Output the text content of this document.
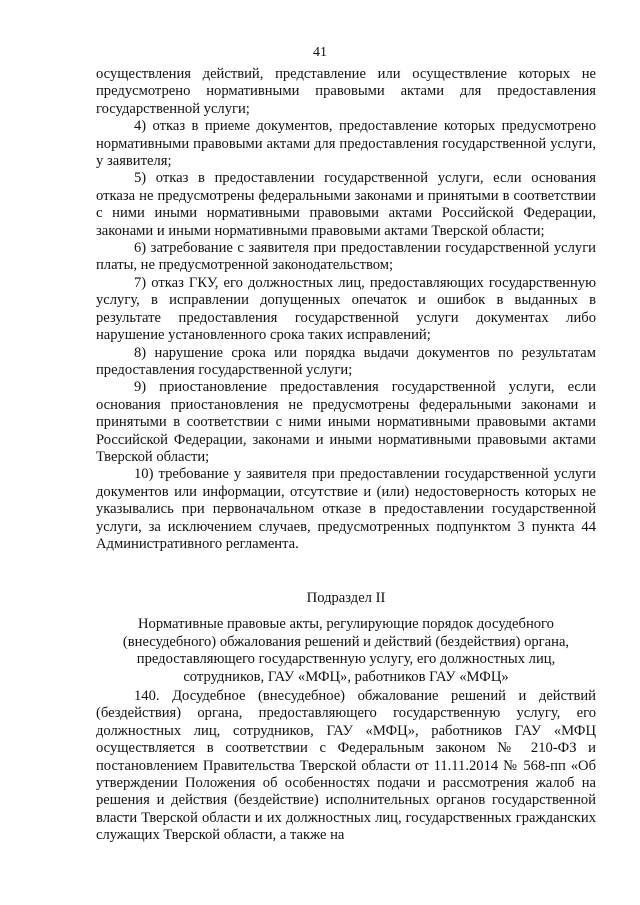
41

осуществления действий, представление или осуществление которых не предусмотрено нормативными правовыми актами для предоставления государственной услуги;

4) отказ в приеме документов, предоставление которых предусмотрено нормативными правовыми актами для предоставления государственной услуги, у заявителя;

5) отказ в предоставлении государственной услуги, если основания отказа не предусмотрены федеральными законами и принятыми в соответствии с ними иными нормативными правовыми актами Российской Федерации, законами и иными нормативными правовыми актами Тверской области;

6) затребование с заявителя при предоставлении государственной услуги платы, не предусмотренной законодательством;

7) отказ ГКУ, его должностных лиц, предоставляющих государственную услугу, в исправлении допущенных опечаток и ошибок в выданных в результате предоставления государственной услуги документах либо нарушение установленного срока таких исправлений;

8) нарушение срока или порядка выдачи документов по результатам предоставления государственной услуги;

9) приостановление предоставления государственной услуги, если основания приостановления не предусмотрены федеральными законами и принятыми в соответствии с ними иными нормативными правовыми актами Российской Федерации, законами и иными нормативными правовыми актами Тверской области;

10) требование у заявителя при предоставлении государственной услуги документов или информации, отсутствие и (или) недостоверность которых не указывались при первоначальном отказе в предоставлении государственной услуги, за исключением случаев, предусмотренных подпунктом 3 пункта 44 Административного регламента.

Подраздел II

Нормативные правовые акты, регулирующие порядок досудебного (внесудебного) обжалования решений и действий (бездействия) органа, предоставляющего государственную услугу, его должностных лиц, сотрудников, ГАУ «МФЦ», работников ГАУ «МФЦ»

140. Досудебное (внесудебное) обжалование решений и действий (бездействия) органа, предоставляющего государственную услугу, его должностных лиц, сотрудников, ГАУ «МФЦ», работников ГАУ «МФЦ осуществляется в соответствии с Федеральным законом № 210-ФЗ и постановлением Правительства Тверской области от 11.11.2014 № 568-пп «Об утверждении Положения об особенностях подачи и рассмотрения жалоб на решения и действия (бездействие) исполнительных органов государственной власти Тверской области и их должностных лиц, государственных гражданских служащих Тверской области, а также на
